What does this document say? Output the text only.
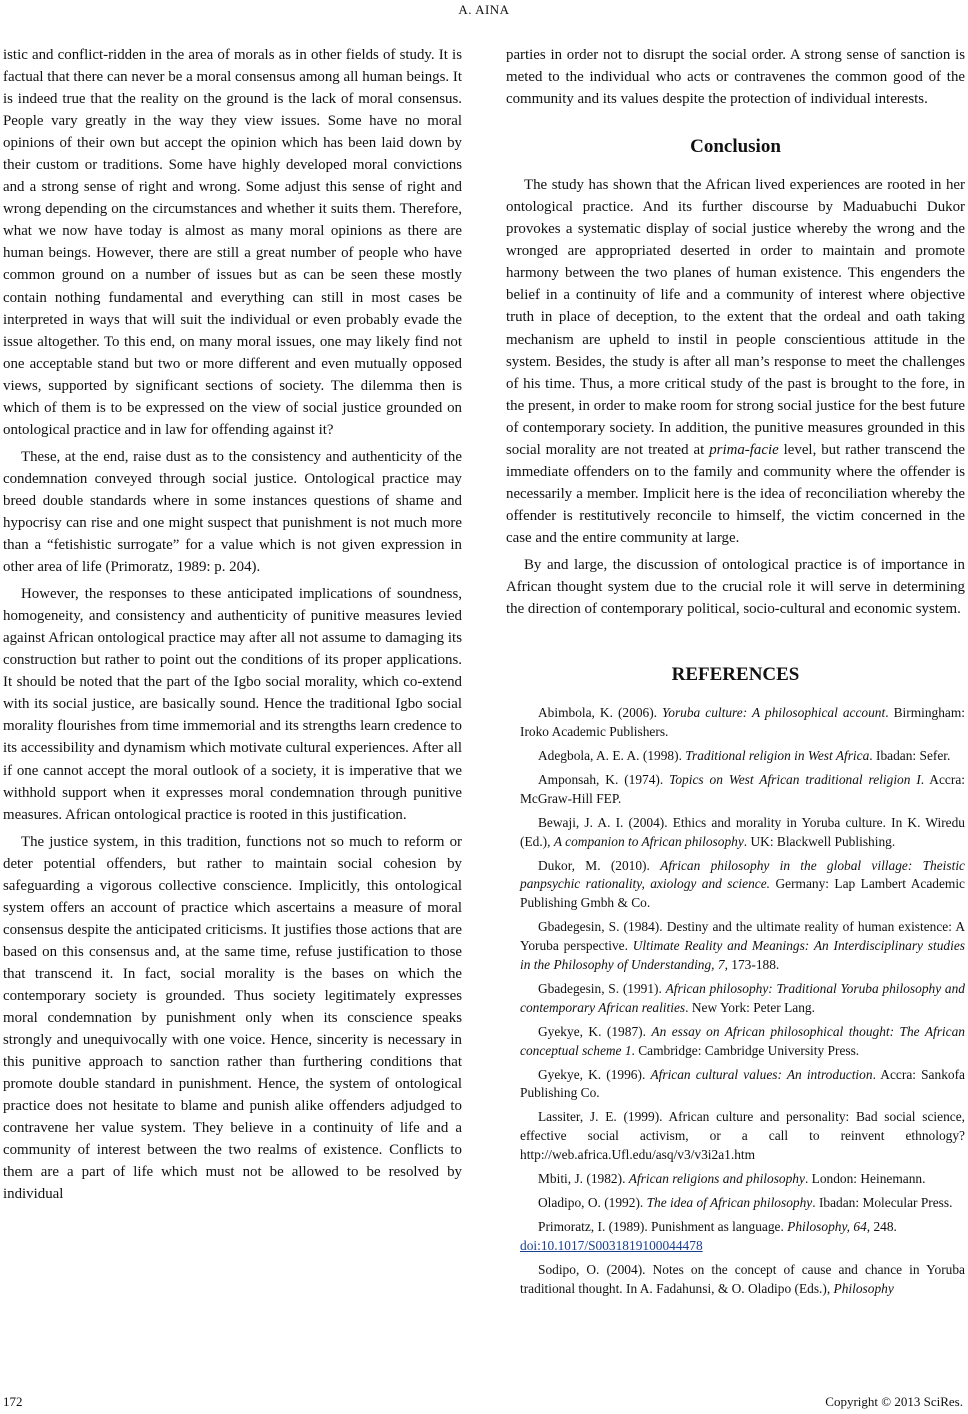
A. AINA

istic and conflict-ridden in the area of morals as in other fields of study. It is factual that there can never be a moral consensus among all human beings. It is indeed true that the reality on the ground is the lack of moral consensus. People vary greatly in the way they view issues. Some have no moral opinions of their own but accept the opinion which has been laid down by their custom or traditions. Some have highly developed moral convictions and a strong sense of right and wrong. Some adjust this sense of right and wrong depending on the circumstances and whether it suits them. Therefore, what we now have today is almost as many moral opinions as there are human beings. However, there are still a great number of people who have common ground on a number of issues but as can be seen these mostly contain nothing fundamental and everything can still in most cases be interpreted in ways that will suit the individual or even probably evade the issue altogether. To this end, on many moral issues, one may likely find not one acceptable stand but two or more different and even mutually opposed views, supported by significant sections of society. The dilemma then is which of them is to be expressed on the view of social justice grounded on ontological practice and in law for offending against it?

These, at the end, raise dust as to the consistency and authenticity of the condemnation conveyed through social justice. Ontological practice may breed double standards where in some instances questions of shame and hypocrisy can rise and one might suspect that punishment is not much more than a “fetishistic surrogate” for a value which is not given expression in other area of life (Primoratz, 1989: p. 204).

However, the responses to these anticipated implications of soundness, homogeneity, and consistency and authenticity of punitive measures levied against African ontological practice may after all not assume to damaging its construction but rather to point out the conditions of its proper applications. It should be noted that the part of the Igbo social morality, which co-extend with its social justice, are basically sound. Hence the traditional Igbo social morality flourishes from time immemorial and its strengths learn credence to its accessibility and dynamism which motivate cultural experiences. After all if one cannot accept the moral outlook of a society, it is imperative that we withhold support when it expresses moral condemnation through punitive measures. African ontological practice is rooted in this justification.

The justice system, in this tradition, functions not so much to reform or deter potential offenders, but rather to maintain social cohesion by safeguarding a vigorous collective conscience. Implicitly, this ontological system offers an account of practice which ascertains a measure of moral consensus despite the anticipated criticisms. It justifies those actions that are based on this consensus and, at the same time, refuse justification to those that transcend it. In fact, social morality is the bases on which the contemporary society is grounded. Thus society legitimately expresses moral condemnation by punishment only when its conscience speaks strongly and unequivocally with one voice. Hence, sincerity is necessary in this punitive approach to sanction rather than furthering conditions that promote double standard in punishment. Hence, the system of ontological practice does not hesitate to blame and punish alike offenders adjudged to contravene her value system. They believe in a continuity of life and a community of interest between the two realms of existence. Conflicts to them are a part of life which must not be allowed to be resolved by individual

parties in order not to disrupt the social order. A strong sense of sanction is meted to the individual who acts or contravenes the common good of the community and its values despite the protection of individual interests.

Conclusion

The study has shown that the African lived experiences are rooted in her ontological practice. And its further discourse by Maduabuchi Dukor provokes a systematic display of social justice whereby the wrong and the wronged are appropriated deserted in order to maintain and promote harmony between the two planes of human existence. This engenders the belief in a continuity of life and a community of interest where objective truth in place of deception, to the extent that the ordeal and oath taking mechanism are upheld to instil in people conscientious attitude in the system. Besides, the study is after all man’s response to meet the challenges of his time. Thus, a more critical study of the past is brought to the fore, in the present, in order to make room for strong social justice for the best future of contemporary society. In addition, the punitive measures grounded in this social morality are not treated at prima-facie level, but rather transcend the immediate offenders on to the family and community where the offender is necessarily a member. Implicit here is the idea of reconciliation whereby the offender is restitutively reconcile to himself, the victim concerned in the case and the entire community at large.

By and large, the discussion of ontological practice is of importance in African thought system due to the crucial role it will serve in determining the direction of contemporary political, socio-cultural and economic system.

REFERENCES

Abimbola, K. (2006). Yoruba culture: A philosophical account. Birmingham: Iroko Academic Publishers.

Adegbola, A. E. A. (1998). Traditional religion in West Africa. Ibadan: Sefer.

Amponsah, K. (1974). Topics on West African traditional religion I. Accra: McGraw-Hill FEP.

Bewaji, J. A. I. (2004). Ethics and morality in Yoruba culture. In K. Wiredu (Ed.), A companion to African philosophy. UK: Blackwell Publishing.

Dukor, M. (2010). African philosophy in the global village: Theistic panpsychic rationality, axiology and science. Germany: Lap Lambert Academic Publishing Gmbh & Co.

Gbadegesin, S. (1984). Destiny and the ultimate reality of human existence: A Yoruba perspective. Ultimate Reality and Meanings: An Interdisciplinary studies in the Philosophy of Understanding, 7, 173-188.

Gbadegesin, S. (1991). African philosophy: Traditional Yoruba philosophy and contemporary African realities. New York: Peter Lang.

Gyekye, K. (1987). An essay on African philosophical thought: The African conceptual scheme 1. Cambridge: Cambridge University Press.

Gyekye, K. (1996). African cultural values: An introduction. Accra: Sankofa Publishing Co.

Lassiter, J. E. (1999). African culture and personality: Bad social science, effective social activism, or a call to reinvent ethnology? http://web.africa.Ufl.edu/asq/v3/v3i2a1.htm

Mbiti, J. (1982). African religions and philosophy. London: Heinemann.

Oladipo, O. (1992). The idea of African philosophy. Ibadan: Molecular Press.

Primoratz, I. (1989). Punishment as language. Philosophy, 64, 248.
doi:10.1017/S0031819100044478

Sodipo, O. (2004). Notes on the concept of cause and chance in Yoruba traditional thought. In A. Fadahunsi, & O. Oladipo (Eds.), Philosophy

172	Copyright © 2013 SciRes.
